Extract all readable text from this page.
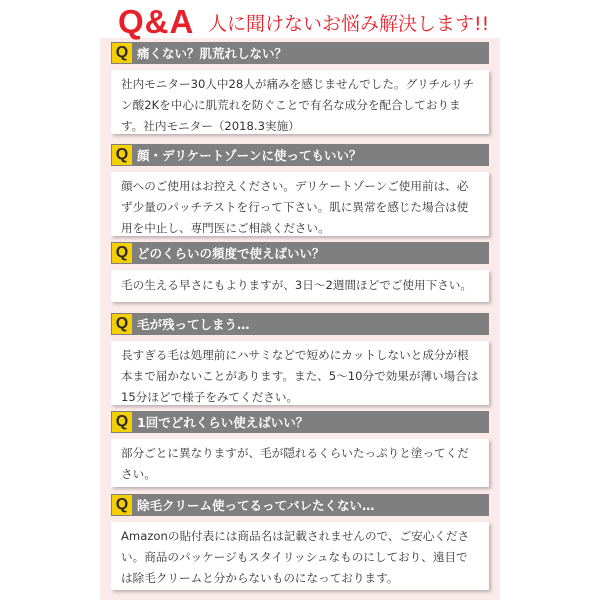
Q&A 人に聞けないお悩み解決します!!
Q 痛くない？肌荒れしない？
社内モニター30人中28人が痛みを感じませんでした。グリチルリチン酸2Kを中心に肌荒れを防ぐことで有名な成分を配合しております。社内モニター（2018.3実施）
Q 顔・デリケートゾーンに使ってもいい？
顔へのご使用はお控えください。デリケートゾーンご使用前は、必ず少量のパッチテストを行って下さい。肌に異常を感じた場合は使用を中止し、専門医にご相談ください。
Q どのくらいの頻度で使えばいい？
毛の生える早さにもよりますが、3日〜2週間ほどでご使用下さい。
Q 毛が残ってしまう…
長すぎる毛は処理前にハサミなどで短めにカットしないと成分が根本まで届かないことがあります。また、5〜10分で効果が薄い場合は15分ほどで様子をみてください。
Q 1回でどれくらい使えばいい？
部分ごとに異なりますが、毛が隠れるくらいたっぷりと塗ってください。
Q 除毛クリーム使ってるってバレたくない…
Amazonの貼付表には商品名は記載されませんので、ご安心ください。商品のパッケージもスタイリッシュなものにしており、遠目では除毛クリームと分からないものになっております。
